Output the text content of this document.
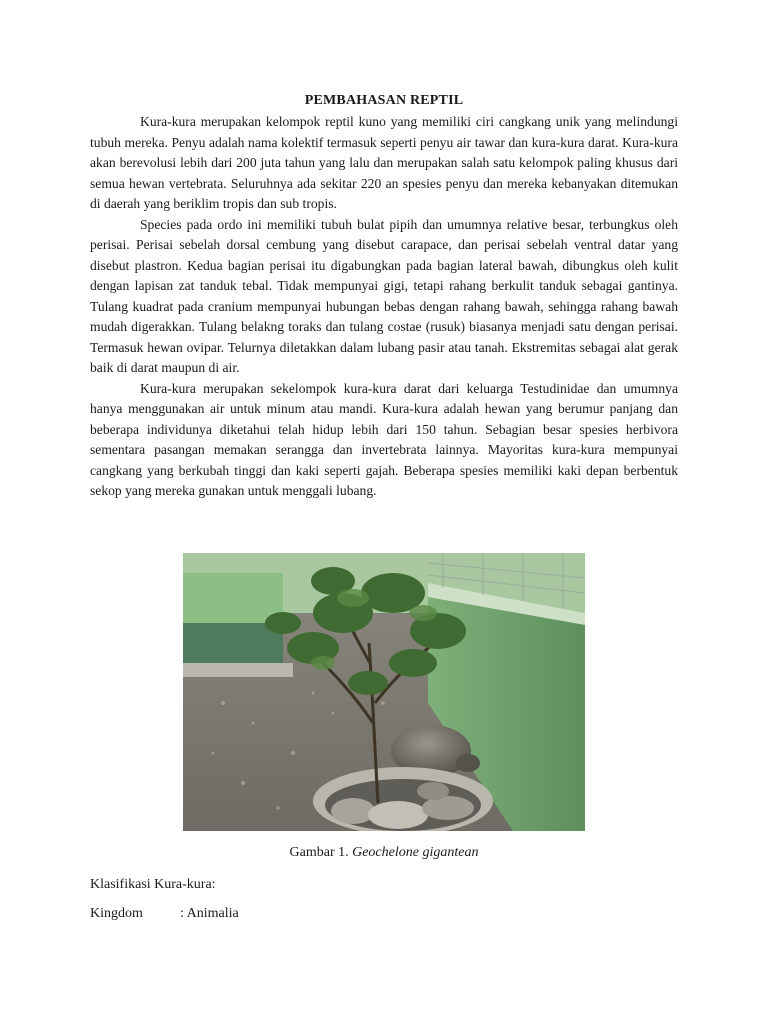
PEMBAHASAN REPTIL

Kura-kura merupakan kelompok reptil kuno yang memiliki ciri cangkang unik yang melindungi tubuh mereka. Penyu adalah nama kolektif termasuk seperti penyu air tawar dan kura-kura darat. Kura-kura akan berevolusi lebih dari 200 juta tahun yang lalu dan merupakan salah satu kelompok paling khusus dari semua hewan vertebrata. Seluruhnya ada sekitar 220 an spesies penyu dan mereka kebanyakan ditemukan di daerah yang beriklim tropis dan sub tropis.

Species pada ordo ini memiliki tubuh bulat pipih dan umumnya relative besar, terbungkus oleh perisai. Perisai sebelah dorsal cembung yang disebut carapace, dan perisai sebelah ventral datar yang disebut plastron. Kedua bagian perisai itu digabungkan pada bagian lateral bawah, dibungkus oleh kulit dengan lapisan zat tanduk tebal. Tidak mempunyai gigi, tetapi rahang berkulit tanduk sebagai gantinya. Tulang kuadrat pada cranium mempunyai hubungan bebas dengan rahang bawah, sehingga rahang bawah mudah digerakkan. Tulang belakng toraks dan tulang costae (rusuk) biasanya menjadi satu dengan perisai. Termasuk hewan ovipar. Telurnya diletakkan dalam lubang pasir atau tanah. Ekstremitas sebagai alat gerak baik di darat maupun di air.

Kura-kura merupakan sekelompok kura-kura darat dari keluarga Testudinidae dan umumnya hanya menggunakan air untuk minum atau mandi. Kura-kura adalah hewan yang berumur panjang dan beberapa individunya diketahui telah hidup lebih dari 150 tahun. Sebagian besar spesies herbivora sementara pasangan memakan serangga dan invertebrata lainnya. Mayoritas kura-kura mempunyai cangkang yang berkubah tinggi dan kaki seperti gajah. Beberapa spesies memiliki kaki depan berbentuk sekop yang mereka gunakan untuk menggali lubang.

Gambar 1. Geochelone gigantean
Klasifikasi Kura-kura:
Kingdom	: Animalia
